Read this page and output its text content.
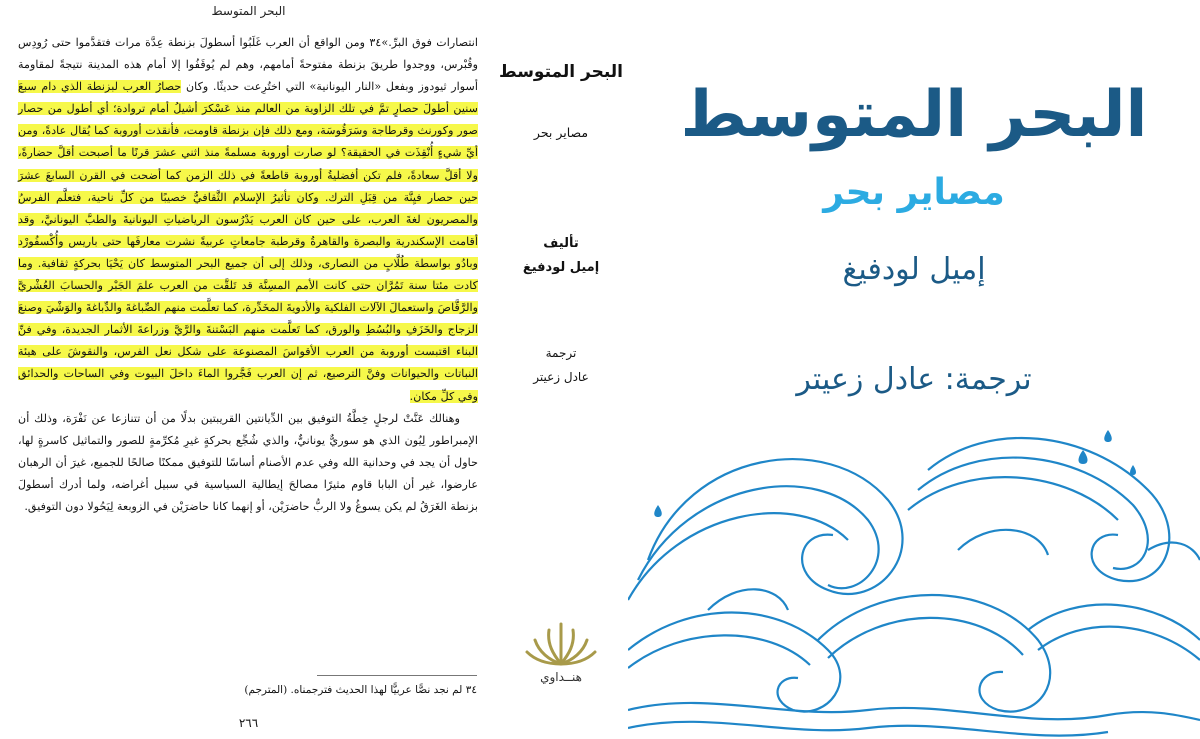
البحر المتوسط

انتصارات فوق البرِّ.»٣٤ ومن الواقع أن العرب غَلَبُوا أسطولَ بزنطة عِدَّة مرات فتقدَّموا حتى رُودِس وقُبْرس، ووجدوا طريقَ بزنطة مفتوحةً أمامهم، وهم لم يُوقَفُوا إلا أمام هذه المدينة نتيجةً لمقاومة أسوار ثيودوز وبفعل «النار اليونانية» التي اختُرِعت حديثًا. وكان حصارُ العرب لبزنطة الذي دام سبعَ سنين أطولَ حصارٍ تمَّ في تلك الزاوية من العالم منذ عَسْكرَ أشيلُ أمام تروادة؛ أي أطول من حصار صور وكورنث وقرطاجة وسَرَقُوسَة، ومع ذلك فإن بزنطة قاومت، فأنقذت أوروبة كما يُقال عادةً، ومن أيِّ شيءٍ أُنْقِذَت في الحقيقة؟ لو صارت أوروبة مسلمةً منذ اثني عشرَ قرنًا ما أصبحت أقلَّ حضارةً، ولا أقلَّ سعادةً، فلم تكن أفضليةُ أوروبة قاطعةً في ذلك الزمن كما أضحت في القرن السابعَ عشرَ حين حصار فيِنَّة من قِبَلِ الترك. وكان تأثيرُ الإسلام الثَّقافيُّ خصيبًا من كلِّ ناحية، فتعلَّم الفرسُ والمصريون لغةَ العرب، على حين كان العرب يَدْرُسون الرياضياتِ اليونانيةَ والطبَّ اليونانيَّ، وقد أقامت الإسكندرية والبصرة والقاهرةُ وقرطبة جامعاتٍ عربيةً نشرت معارفَها حتى باريس وأُكْسفُورْد وبادُو بواسطة طُلَّابٍ من النصارى، وذلك إلى أن جميع البحر المتوسط كان يَحْيَا بحركةٍ ثقافية. وما كادت مئتا سنة تَمُرَّان حتى كانت الأمم المسِنَّة قد تَلقَّت من العرب علمَ الجَبْر والحسابَ العُشْريَّ والرَّقَّاصَ واستعمالَ الآلات الفلكية والأدويةَ المخَدِّرة، كما تعلَّمت منهم الصِّباغةَ والدِّباغةَ والوَشْيَ وصنعَ الزجاج والخَزَفِ والبُسُطِ والورق، كما تَعلَّمت منهم البَسْتنةَ والرَّيَّ وزراعةَ الأثمار الجديدة، وفي فنِّ البناء اقتبست أوروبة من العرب الأقواسَ المصنوعة على شكل نعل الفرس، والنقوشَ على هيئة النباتات والحيوانات وفنَّ الترصيع، ثم إن العرب فَجَّروا الماءَ داخلَ البيوت وفي الساحات والحدائق وفي كلِّ مكان.

وهنالك عَنَّتْ لرجلٍ خِطَّةُ التوفيق بين الدِّيانتين القريبتين بدلًا من أن تتنازعا عن نَفْرَة، وذلك أن الإمبراطور لِيُون الذي هو سوريٌّ يونانيٌّ، والذي شُجِّع بحركةٍ غيرِ مُكرِّمةٍ للصور والتماثيل كاسرةٍ لها، حاول أن يجد في وحدانية الله وفي عدم الأصنام أساسًا للتوفيق ممكنًا صالحًا للجميع، غيرَ أن الرهبان عارضوا، غير أن البابا قاوم مثيرًا مصالحَ إيطالية السياسية في سبيل أغراضه، ولما أدرك أسطولَ بزنطة الغَرَقُ لم يكن يسوغُ ولا الربُّ حاضرَيْن، أو إنهما كانا حاضرَيْن في الزوبعة لِيَحُولا دون التوفيق.

٣٤ لم نجد نصًّا عربيًّا لهذا الحديث فترجمناه. (المترجم)
٢٦٦
البحر المتوسط
مصاير بحر
تأليف
إميل لودفيغ
ترجمة
عادل زعيتر
هنــداوي
البحر المتوسط
مصاير بحر
إميل لودفيغ
ترجمة: عادل زعيتر
